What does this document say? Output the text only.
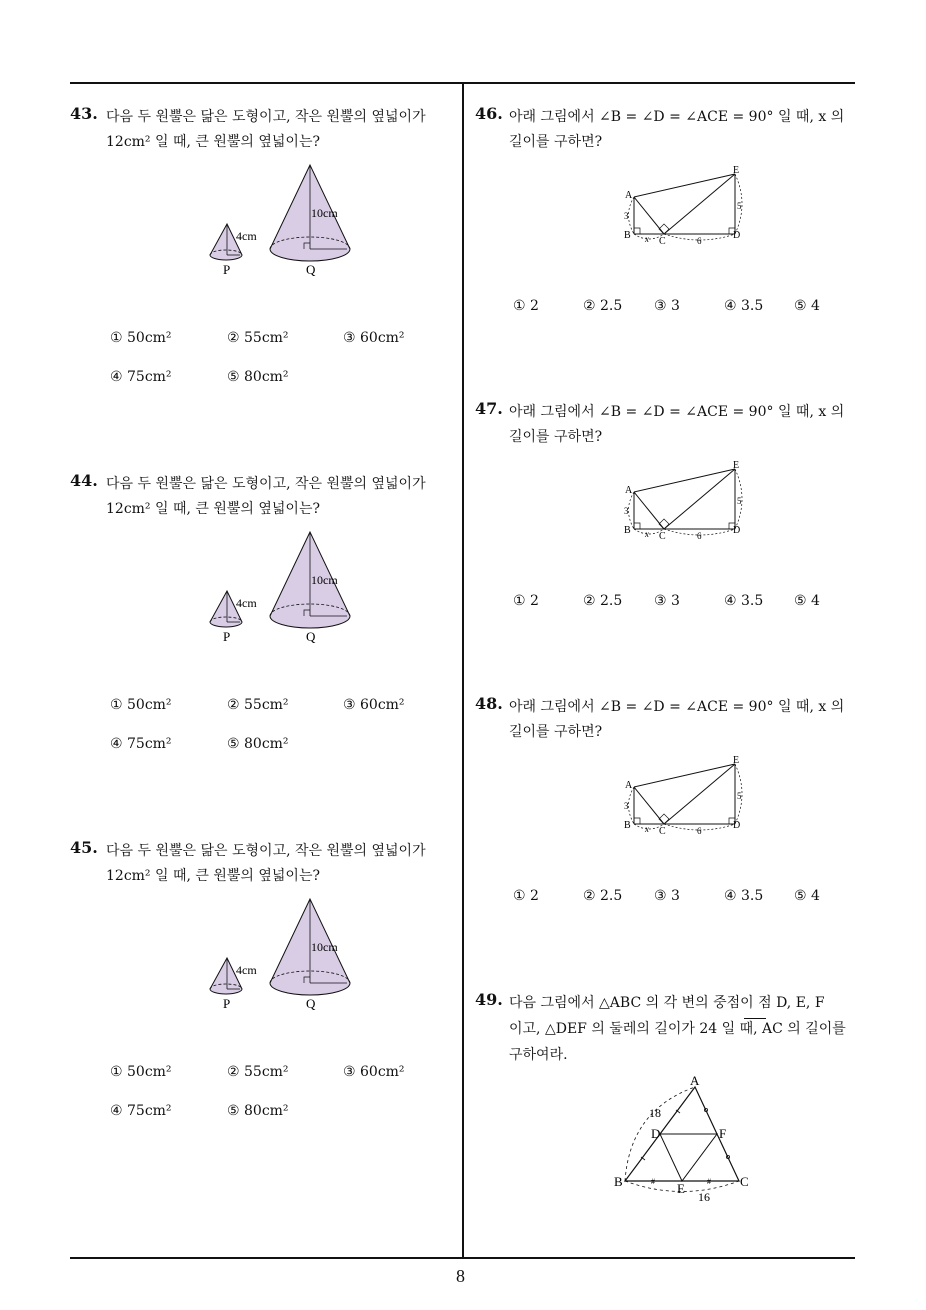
8
43. 다음 두 원뿔은 닮은 도형이고, 작은 원뿔의 옆넓이가
12cm² 일 때, 큰 원뿔의 옆넓이는?
4cm
10cm
P	Q
① 50cm²	② 55cm²	③ 60cm²
④ 75cm²	⑤ 80cm²
44. 다음 두 원뿔은 닮은 도형이고, 작은 원뿔의 옆넓이가
12cm² 일 때, 큰 원뿔의 옆넓이는?
4cm
10cm
P	Q
① 50cm²	② 55cm²	③ 60cm²
④ 75cm²	⑤ 80cm²
45. 다음 두 원뿔은 닮은 도형이고, 작은 원뿔의 옆넓이가
12cm² 일 때, 큰 원뿔의 옆넓이는?
4cm
10cm
P	Q
① 50cm²	② 55cm²	③ 60cm²
④ 75cm²	⑤ 80cm²
46. 아래 그림에서 ∠B = ∠D = ∠ACE = 90° 일 때, x 의
길이를 구하면?
A
B
C
D
E
3
5
x	6
① 2	② 2.5 ③ 3	④ 3.5 ⑤ 4
47. 아래 그림에서 ∠B = ∠D = ∠ACE = 90° 일 때, x 의
길이를 구하면?
A
B
C
D
E
3
5
x	6
① 2	② 2.5 ③ 3	④ 3.5 ⑤ 4
48. 아래 그림에서 ∠B = ∠D = ∠ACE = 90° 일 때, x 의
길이를 구하면?
A
B
C
D
E
3
5
x	6
① 2	② 2.5 ③ 3	④ 3.5 ⑤ 4
49. 다음 그림에서 △ABC 의 각 변의 중점이 점 D, E, F
이고, △DEF 의 둘레의 길이가 24 일 때, AC 의 길이를
구하여라.
#	#
A
B	C
D
E
F
18
16
